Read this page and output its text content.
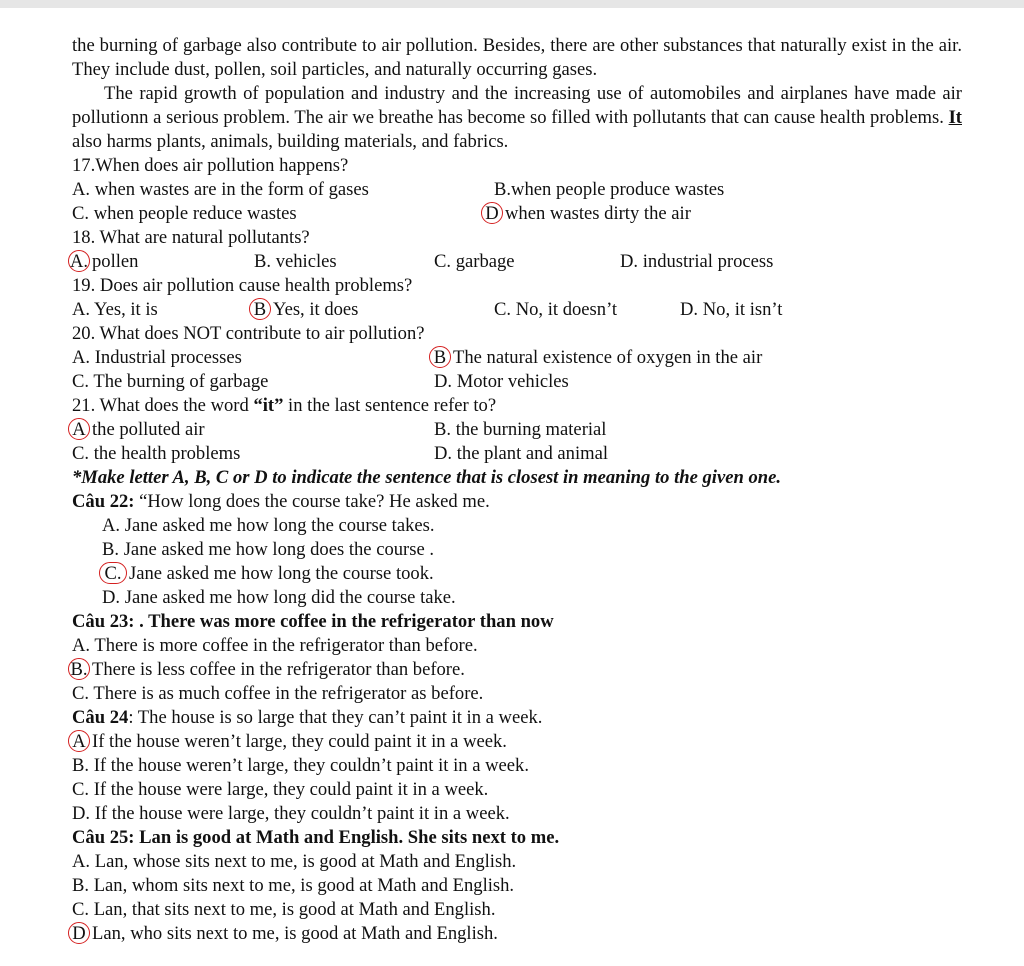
the burning of garbage also contribute to air pollution. Besides, there are other substances that naturally exist in the air. They include dust, pollen, soil particles, and naturally occurring gases.

The rapid growth of population and industry and the increasing use of automobiles and airplanes have made air pollutionn a serious problem. The air we breathe has become so filled with pollutants that can cause health problems. It also harms plants, animals, building materials, and fabrics.

17.When does air pollution happens?
A. when wastes are in the form of gases	B.when people produce wastes
C. when people reduce wastes	D when wastes dirty the air
18. What are natural pollutants?
A. pollen	B. vehicles	C. garbage	D. industrial process
19. Does air pollution cause health problems?
A. Yes, it is	B Yes, it does	C. No, it doesn’t	D. No, it isn’t
20. What does NOT contribute to air pollution?
A. Industrial processes	B The natural existence of oxygen in the air
C. The burning of garbage	D. Motor vehicles
21. What does the word “it” in the last sentence refer to?
A the polluted air	B. the burning material
C. the health problems	D. the plant and animal
*Make letter A, B, C or D to indicate the sentence that is closest in meaning to the given one.
Câu 22: “How long does the course take? He asked me.
A. Jane asked me how long the course takes.
B. Jane asked me how long does the course .
C. Jane asked me how long the course took.
D. Jane asked me how long did the course take.
Câu 23: . There was more coffee in the refrigerator than now
A. There is more coffee in the refrigerator than before.
B. There is less coffee in the refrigerator than before.
C. There is as much coffee in the refrigerator as before.
Câu 24: The house is so large that they can’t paint it in a week.
A If the house weren’t large, they could paint it in a week.
B. If the house weren’t large, they couldn’t paint it in a week.
C. If the house were large, they could paint it in a week.
D. If the house were large, they couldn’t paint it in a week.
Câu 25: Lan is good at Math and English. She sits next to me.
A. Lan, whose sits next to me, is good at Math and English.
B. Lan, whom sits next to me, is good at Math and English.
C. Lan, that sits next to me, is good at Math and English.
D Lan, who sits next to me, is good at Math and English.
